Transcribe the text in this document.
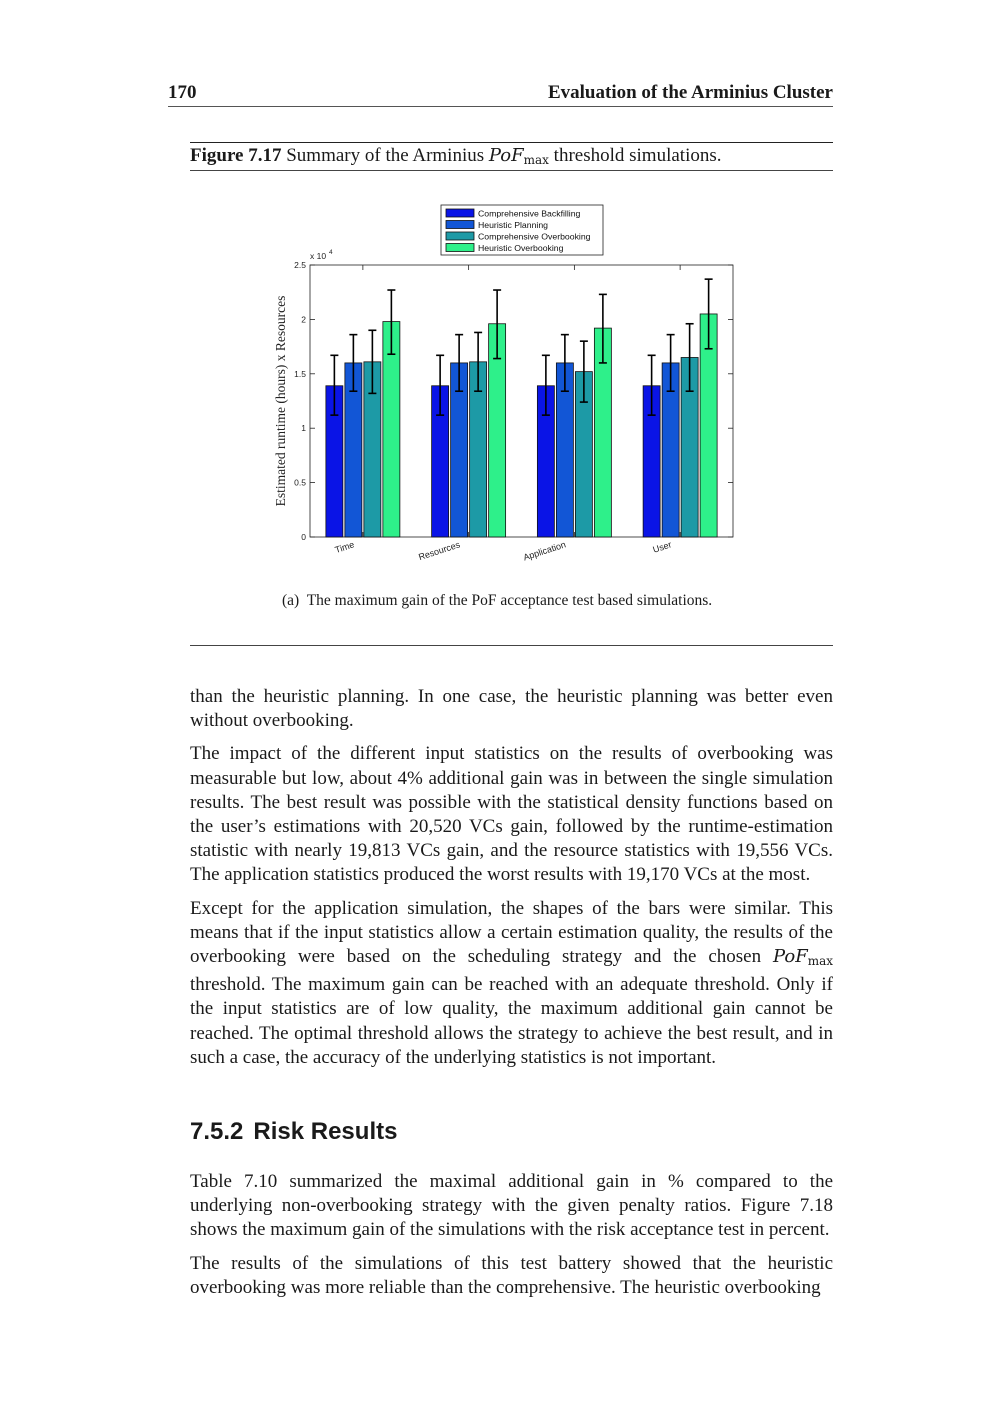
170	Evaluation of the Arminius Cluster
Figure 7.17 Summary of the Arminius PoF$_{max}$ threshold simulations.
0
0.5
1
1.5
2
2.5
x 10 4
Estimated runtime (hours) x Resources
Time	Resources	Application	User
Comprehensive Backfilling
Heuristic Planning
Comprehensive Overbooking
Heuristic Overbooking
(a) The maximum gain of the PoF acceptance test based simulations.

than the heuristic planning. In one case, the heuristic planning was better even without overbooking.

The impact of the different input statistics on the results of overbooking was measurable but low, about 4% additional gain was in between the single simulation results. The best result was possible with the statistical density functions based on the user’s estimations with 20,520 VCs gain, followed by the runtime-estimation statistic with nearly 19,813 VCs gain, and the resource statistics with 19,556 VCs. The application statistics produced the worst results with 19,170 VCs at the most.

Except for the application simulation, the shapes of the bars were similar. This means that if the input statistics allow a certain estimation quality, the results of the overbooking were based on the scheduling strategy and the chosen PoF$_{max}$ threshold. The maximum gain can be reached with an adequate threshold. Only if the input statistics are of low quality, the maximum additional gain cannot be reached. The optimal threshold allows the strategy to achieve the best result, and in such a case, the accuracy of the underlying statistics is not important.

7.5.2 Risk Results

Table 7.10 summarized the maximal additional gain in % compared to the underlying non-overbooking strategy with the given penalty ratios. Figure 7.18 shows the maximum gain of the simulations with the risk acceptance test in percent.

The results of the simulations of this test battery showed that the heuristic overbooking was more reliable than the comprehensive. The heuristic overbooking
